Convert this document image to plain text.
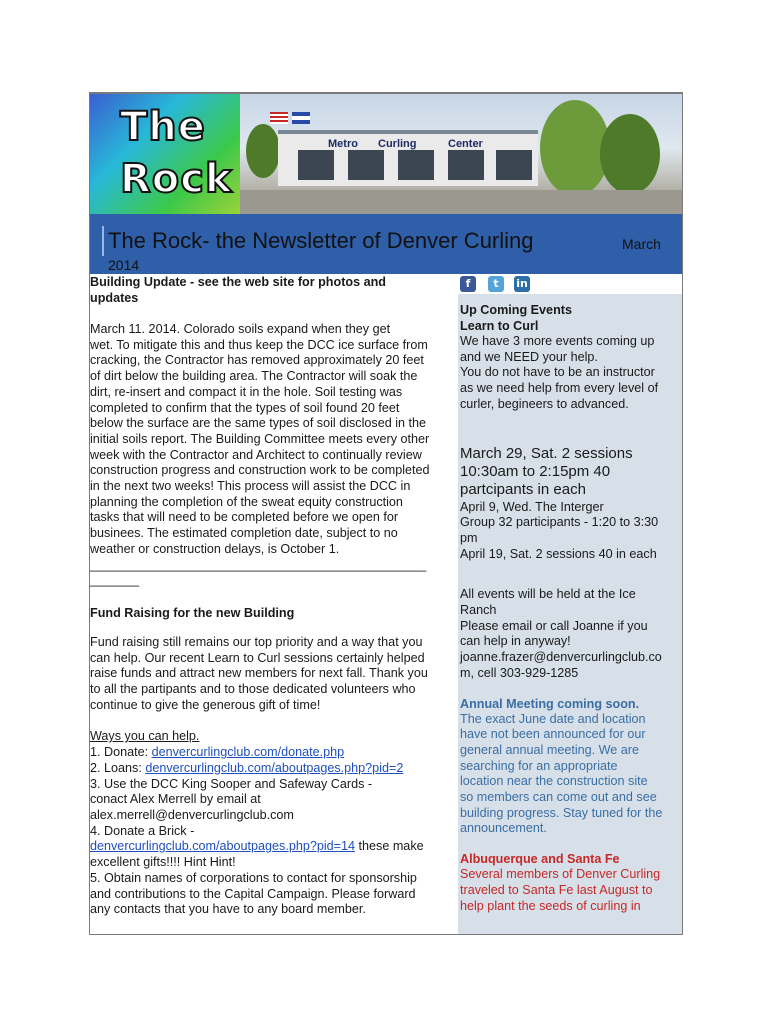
The
Rock
Metro Curling	Center
The Rock- the Newsletter of Denver Curling	March
2014
f	t	in
Building Update - see the web site for photos and
updates
March 11. 2014. Colorado soils expand when they get
wet. To mitigate this and thus keep the DCC ice surface from
cracking, the Contractor has removed approximately 20 feet
of dirt below the building area. The Contractor will soak the
dirt, re-insert and compact it in the hole. Soil testing was
completed to confirm that the types of soil found 20 feet
below the surface are the same types of soil disclosed in the
initial soils report. The Building Committee meets every other
week with the Contractor and Architect to continually review
construction progress and construction work to be completed
in the next two weeks! This process will assist the DCC in
planning the completion of the sweat equity construction
tasks that will need to be completed before we open for
businees. The estimated completion date, subject to no
weather or construction delays, is October 1.
________________________________________________
_______
Fund Raising for the new Building
Fund raising still remains our top priority and a way that you
can help. Our recent Learn to Curl sessions certainly helped
raise funds and attract new members for next fall. Thank you
to all the partipants and to those dedicated volunteers who
continue to give the generous gift of time!
Ways you can help.
1. Donate: denvercurlingclub.com/donate.php
2. Loans: denvercurlingclub.com/aboutpages.php?pid=2
3. Use the DCC King Sooper and Safeway Cards -
conact Alex Merrell by email at
alex.merrell@denvercurlingclub.com
4. Donate a Brick -
denvercurlingclub.com/aboutpages.php?pid=14 these make
excellent gifts!!!! Hint Hint!
5. Obtain names of corporations to contact for sponsorship
and contributions to the Capital Campaign. Please forward
any contacts that you have to any board member.
Up Coming Events
Learn to Curl
We have 3 more events coming up
and we NEED your help.
You do not have to be an instructor
as we need help from every level of
curler, begineers to advanced.
March 29, Sat. 2 sessions
10:30am to 2:15pm 40
partcipants in each
April 9, Wed. The Interger
Group 32 participants - 1:20 to 3:30
pm
April 19, Sat. 2 sessions 40 in each
All events will be held at the Ice
Ranch
Please email or call Joanne if you
can help in anyway!
joanne.frazer@denvercurlingclub.co
m, cell 303-929-1285
Annual Meeting coming soon.
The exact June date and location
have not been announced for our
general annual meeting. We are
searching for an appropriate
location near the construction site
so members can come out and see
building progress. Stay tuned for the
announcement.
Albuquerque and Santa Fe
Several members of Denver Curling
traveled to Santa Fe last August to
help plant the seeds of curling in
